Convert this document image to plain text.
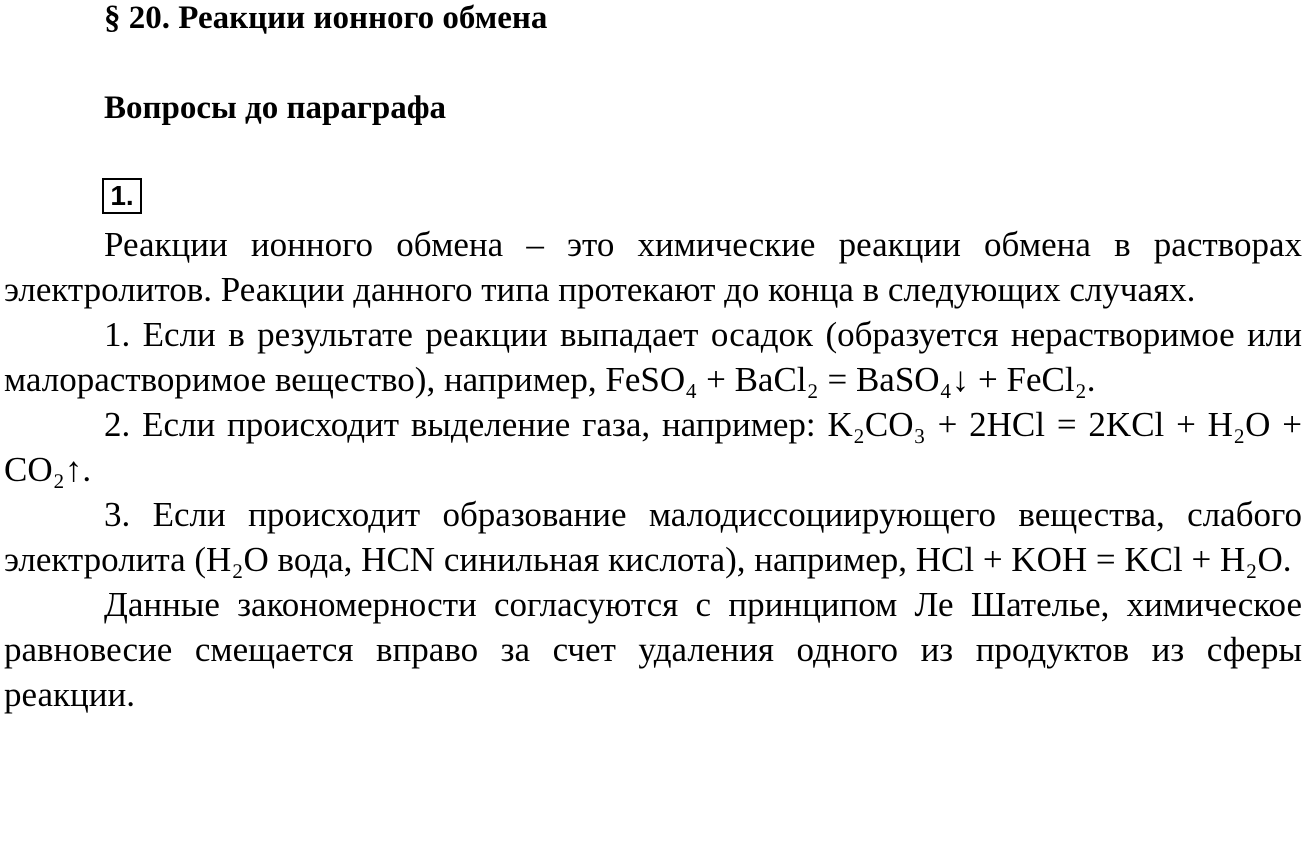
§ 20. Реакции ионного обмена
Вопросы до параграфа
1.

Реакции ионного обмена – это химические реакции обмена в растворах электролитов. Реакции данного типа протекают до конца в следующих случаях.

1. Если в результате реакции выпадает осадок (образуется нерастворимое или малорастворимое вещество), например, FeSO₄ + BaCl₂ = BaSO₄↓ + FeCl₂.

2. Если происходит выделение газа, например: K₂CO₃ + 2HCl = 2KCl + H₂O + CO₂↑.

3. Если происходит образование малодиссоциирующего вещества, слабого электролита (H₂O вода, HCN синильная кислота), например, HCl + KOH = KCl + H₂O.

Данные закономерности согласуются с принципом Ле Шателье, химическое равновесие смещается вправо за счет удаления одного из продуктов из сферы реакции.
